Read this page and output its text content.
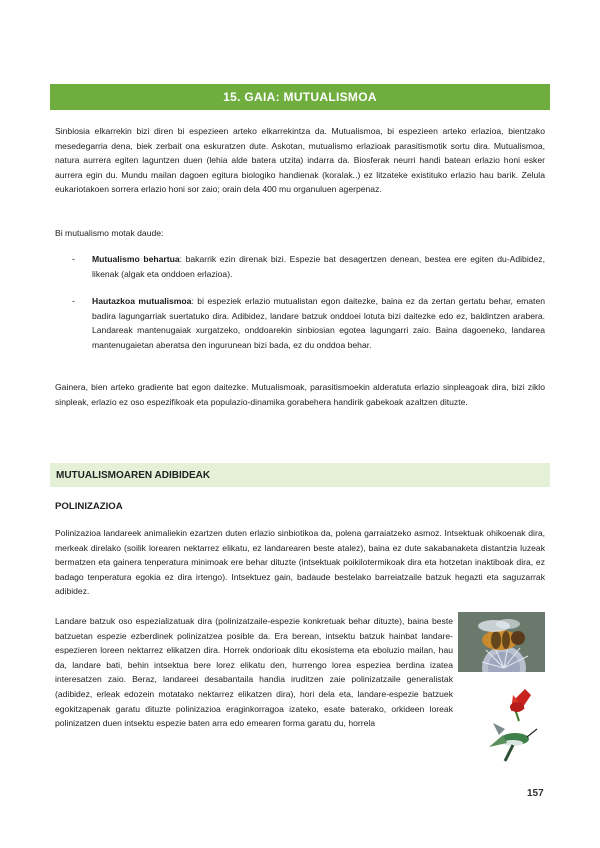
15. GAIA: MUTUALISMOA

Sinbiosia elkarrekin bizi diren bi espezieen arteko elkarrekintza da. Mutualismoa, bi espezieen arteko erlazioa, bientzako mesedegarria dena, biek zerbait ona eskuratzen dute. Askotan, mutualismo erlazioak parasitismotik sortu dira. Mutualismoa, natura aurrera egiten laguntzen duen (lehia alde batera utzita) indarra da. Biosferak neurri handi batean erlazio honi esker aurrera egin du. Mundu mailan dagoen egitura biologiko handienak (koralak..) ez litzateke existituko erlazio hau barik. Zelula eukariotakoen sorrera erlazio honi sor zaio; orain dela 400 mu organuluen agerpenaz.

Bi mutualismo motak daude:

-	Mutualismo behartua: bakarrik ezin direnak bizi. Espezie bat desagertzen denean, bestea ere egiten du-Adibidez, likenak (algak eta onddoen erlazioa).

-	Hautazkoa mutualismoa: bi espeziek erlazio mutualistan egon daitezke, baina ez da zertan gertatu behar, ematen badira lagungarriak suertatuko dira. Adibidez, landare batzuk onddoei lotuta bizi daitezke edo ez, baldintzen arabera. Landareak mantenugaiak xurgatzeko, onddoarekin sinbiosian egotea lagungarri zaio. Baina dagoeneko, landarea mantenugaietan aberatsa den ingurunean bizi bada, ez du onddoa behar.

Gainera, bien arteko gradiente bat egon daitezke. Mutualismoak, parasitismoekin alderatuta erlazio sinpleagoak dira, bizi ziklo sinpleak, erlazio ez oso espezifikoak eta populazio-dinamika gorabehera handirik gabekoak azaltzen dituzte.

MUTUALISMOAREN ADIBIDEAK
POLINIZAZIOA

Polinizazioa landareek animaliekin ezartzen duten erlazio sinbiotikoa da, polena garraiatzeko asmoz. Intsektuak ohikoenak dira, merkeak direlako (soilik lorearen nektarrez elikatu, ez landarearen beste atalez), baina ez dute sakabanaketa distantzia luzeak bermatzen eta gainera tenperatura minimoak ere behar dituzte (intsektuak poikilotermikoak dira eta hotzetan inaktiboak dira, ez badago tenperatura egokia ez dira irtengo). Intsektuez gain, badaude bestelako barreiatzaile batzuk hegazti eta saguzarrak adibidez.

Landare batzuk oso espezializatuak dira (polinizatzaile-espezie konkretuak behar dituzte), baina beste batzuetan espezie ezberdinek polinizatzea posible da. Era berean, intsektu batzuk hainbat landare-espezieren loreen nektarrez elikatzen dira. Horrek ondorioak ditu ekosistema eta eboluzio mailan, hau da, landare bati, behin intsektua bere lorez elikatu den, hurrengo lorea espeziea berdina izatea interesatzen zaio. Beraz, landareei desabantaila handia iruditzen zaie polinizatzaile generalistak (adibidez, erleak edozein motatako nektarrez elikatzen dira), hori dela eta, landare-espezie batzuek egokitzapenak garatu dituzte polinizazioa eraginkorragoa izateko, esate baterako, orkideen loreak polinizatzen duen intsektu espezie baten arra edo emearen forma garatu du, horrela

157
